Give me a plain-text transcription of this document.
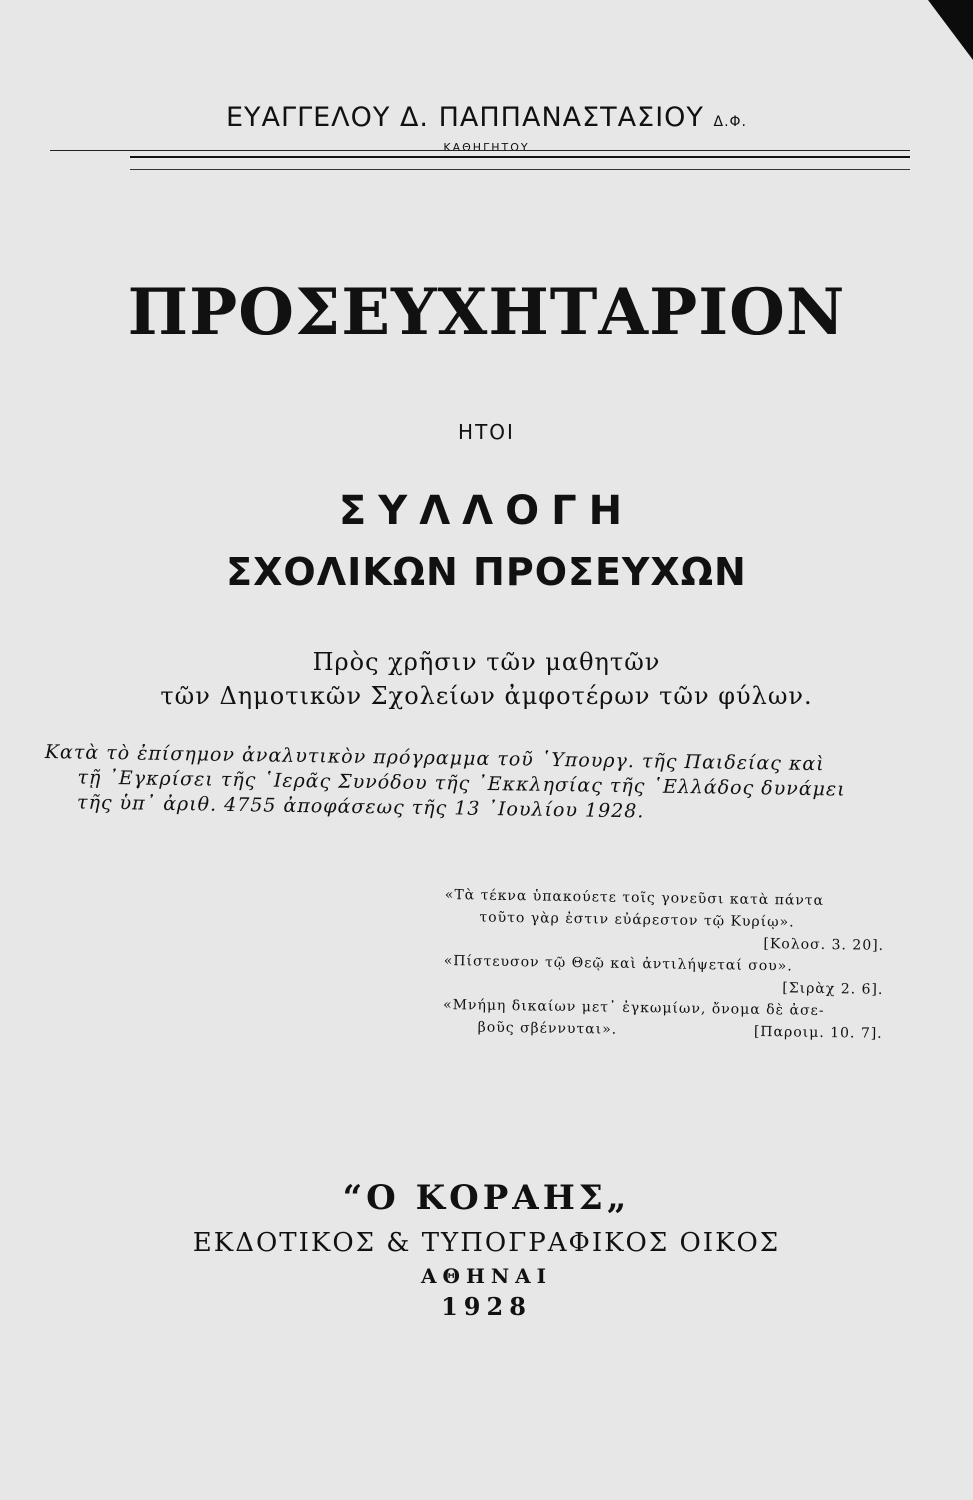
ΕΥΑΓΓΕΛΟΥ Δ. ΠΑΠΠΑΝΑΣΤΑΣΙΟΥ Δ.Φ.
ΚΑΘΗΓΗΤΟΥ
ΠΡΟΣΕΥΧΗΤΑΡΙΟΝ
ΗΤΟΙ
ΣΥΛΛΟΓΗ
ΣΧΟΛΙΚΩΝ ΠΡΟΣΕΥΧΩΝ
Πρὸς χρῆσιν τῶν μαθητῶν
τῶν Δημοτικῶν Σχολείων ἀμφοτέρων τῶν φύλων.
Κατὰ τὸ ἐπίσημον ἀναλυτικὸν πρόγραμμα τοῦ ῾Υπουργ. τῆς Παιδείας καὶ
τῇ ᾿Εγκρίσει τῆς ῾Ιερᾶς Συνόδου τῆς ᾿Εκκλησίας τῆς ῾Ελλάδος δυνάμει
τῆς ὑπ᾿ ἀριθ. 4755 ἀποφάσεως τῆς 13 ᾿Ιουλίου 1928.
«Τὰ τέκνα ὑπακούετε τοῖς γονεῦσι κατὰ πάντα
τοῦτο γὰρ ἐστιν εὐάρεστον τῷ Κυρίῳ».
[Κολοσ. 3. 20].
«Πίστευσον τῷ Θεῷ καὶ ἀντιλήψεταί σου».
[Σιρὰχ 2. 6].
«Μνήμη δικαίων μετ᾿ ἐγκωμίων, ὄνομα δὲ ἀσε-
βοῦς σβέννυται».	[Παροιμ. 10. 7].
“Ο ΚΟΡΑΗΣ„
ΕΚΔΟΤΙΚΟΣ & ΤΥΠΟΓΡΑΦΙΚΟΣ ΟΙΚΟΣ
ΑΘΗΝΑΙ
1928
